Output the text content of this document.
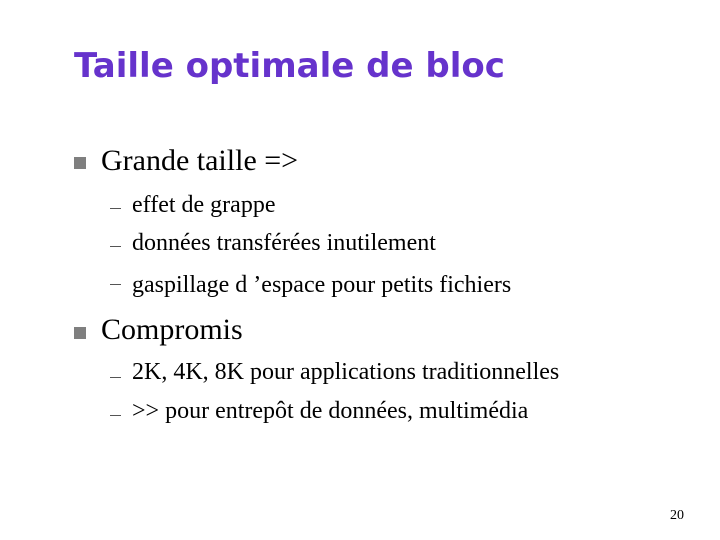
Taille optimale de bloc
Grande taille =>
effet de grappe
données transférées inutilement
gaspillage d ’espace pour petits fichiers
Compromis
2K, 4K, 8K pour applications traditionnelles
>> pour entrepôt de données, multimédia
20
